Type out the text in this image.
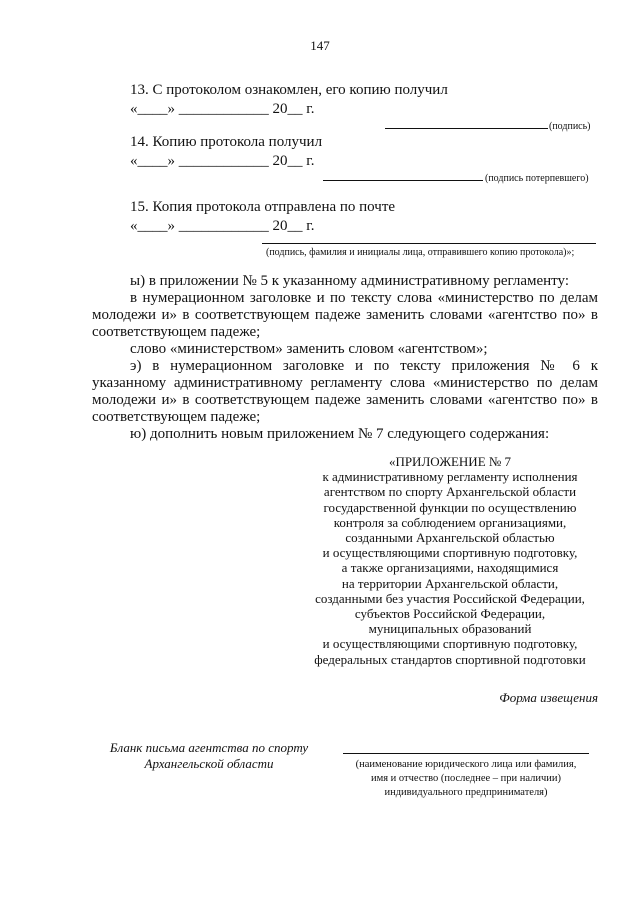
147
13. С протоколом ознакомлен, его копию получил
«____» ____________ 20__ г.
(подпись)
14. Копию протокола получил
«____» ____________ 20__ г.
(подпись потерпевшего)
15. Копия протокола отправлена по почте
«____» ____________ 20__ г.
(подпись, фамилия и инициалы лица, отправившего копию протокола)»;
ы) в приложении № 5 к указанному административному регламенту:
в нумерационном заголовке и по тексту слова «министерство по делам молодежи и» в соответствующем падеже заменить словами «агентство по» в соответствующем падеже;
слово «министерством» заменить словом «агентством»;
э) в нумерационном заголовке и по тексту приложения № 6 к указанному административному регламенту слова «министерство по делам молодежи и» в соответствующем падеже заменить словами «агентство по» в соответствующем падеже;
ю) дополнить новым приложением № 7 следующего содержания:
«ПРИЛОЖЕНИЕ № 7
к административному регламенту исполнения
агентством по спорту Архангельской области
государственной функции по осуществлению
контроля за соблюдением организациями,
созданными Архангельской областью
и осуществляющими спортивную подготовку,
а также организациями, находящимися
на территории Архангельской области,
созданными без участия Российской Федерации,
субъектов Российской Федерации,
муниципальных образований
и осуществляющими спортивную подготовку,
федеральных стандартов спортивной подготовки
Форма извещения
Бланк письма агентства по спорту
Архангельской области	(наименование юридического лица или фамилия,
имя и отчество (последнее – при наличии)
индивидуального предпринимателя)
